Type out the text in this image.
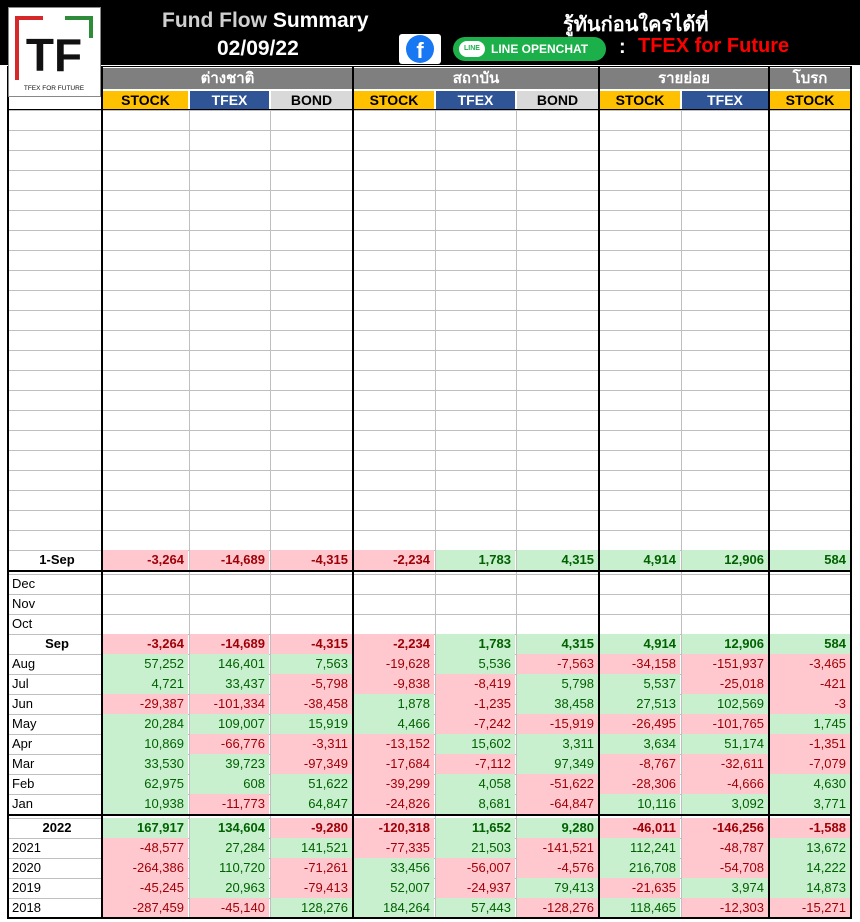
ต่างชาติ	สถาบัน	รายย่อย	โบรก
STOCK	TFEX	BOND	STOCK	TFEX	BOND	STOCK	TFEX	STOCK
1-Sep	-3,264	-14,689	-4,315	-2,234	1,783	4,315	4,914	12,906	584
Dec
Nov
Oct
Sep	-3,264	-14,689	-4,315	-2,234	1,783	4,315	4,914	12,906	584
Aug	57,252	146,401	7,563	-19,628	5,536	-7,563	-34,158	-151,937	-3,465
Jul	4,721	33,437	-5,798	-9,838	-8,419	5,798	5,537	-25,018	-421
Jun	-29,387	-101,334	-38,458	1,878	-1,235	38,458	27,513	102,569	-3
May	20,284	109,007	15,919	4,466	-7,242	-15,919	-26,495	-101,765	1,745
Apr	10,869	-66,776	-3,311	-13,152	15,602	3,311	3,634	51,174	-1,351
Mar	33,530	39,723	-97,349	-17,684	-7,112	97,349	-8,767	-32,611	-7,079
Feb	62,975	608	51,622	-39,299	4,058	-51,622	-28,306	-4,666	4,630
Jan	10,938	-11,773	64,847	-24,826	8,681	-64,847	10,116	3,092	3,771
2022	167,917	134,604	-9,280	-120,318	11,652	9,280	-46,011	-146,256	-1,588
2021	-48,577	27,284	141,521	-77,335	21,503	-141,521	112,241	-48,787	13,672
2020	-264,386	110,720	-71,261	33,456	-56,007	-4,576	216,708	-54,708	14,222
2019	-45,245	20,963	-79,413	52,007	-24,937	79,413	-21,635	3,974	14,873
2018	-287,459	-45,140	128,276	184,264	57,443	-128,276	118,465	-12,303	-15,271
Fund Flow Summary
02/09/22
รู้ทันก่อนใครได้ที่
f	LINE LINE OPENCHAT : TFEX for Future
TF
TFEX FOR FUTURE
